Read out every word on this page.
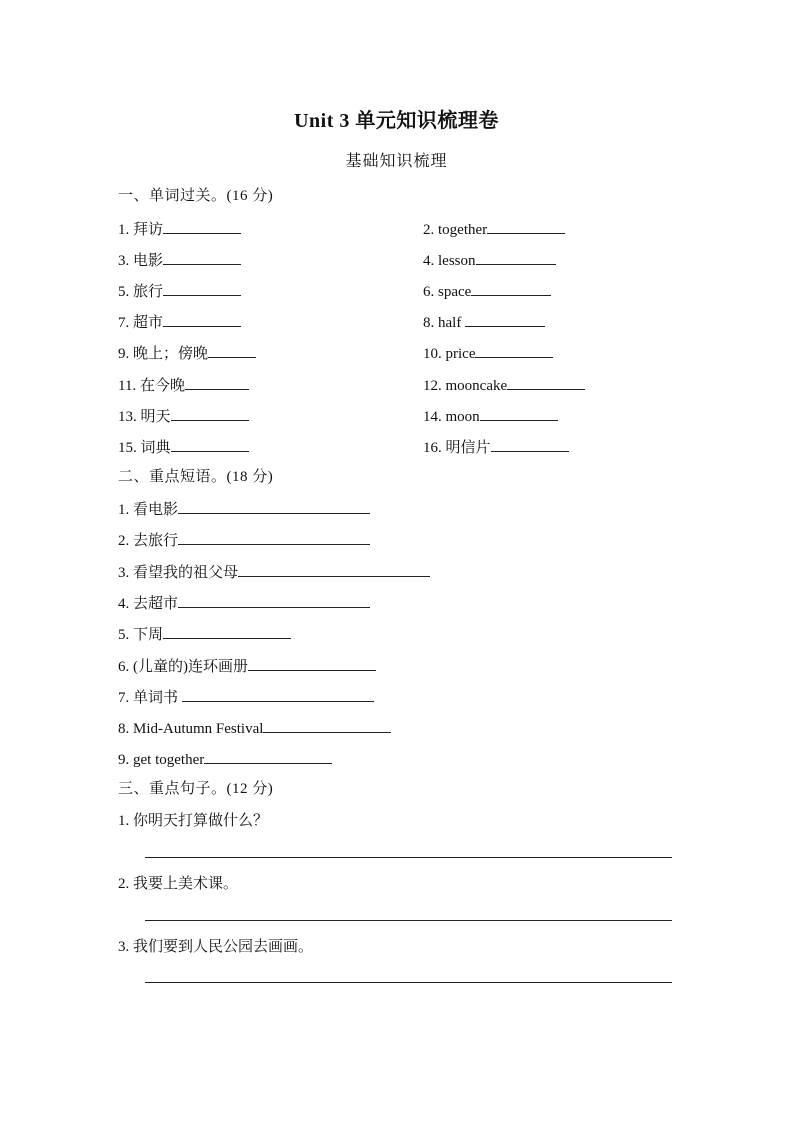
Unit 3 单元知识梳理卷
基础知识梳理
一、单词过关。(16 分)
1. 拜访
3. 电影
5. 旅行
7. 超市
9. 晚上；傍晚
11. 在今晚
13. 明天
15. 词典
2. together
4. lesson
6. space
8. half
10. price
12. mooncake
14. moon
16. 明信片
二、重点短语。(18 分)
1. 看电影
2. 去旅行
3. 看望我的祖父母
4. 去超市
5. 下周
6. (儿童的)连环画册
7. 单词书
8. Mid-Autumn Festival
9. get together
三、重点句子。(12 分)
1. 你明天打算做什么？
2. 我要上美术课。
3. 我们要到人民公园去画画。
